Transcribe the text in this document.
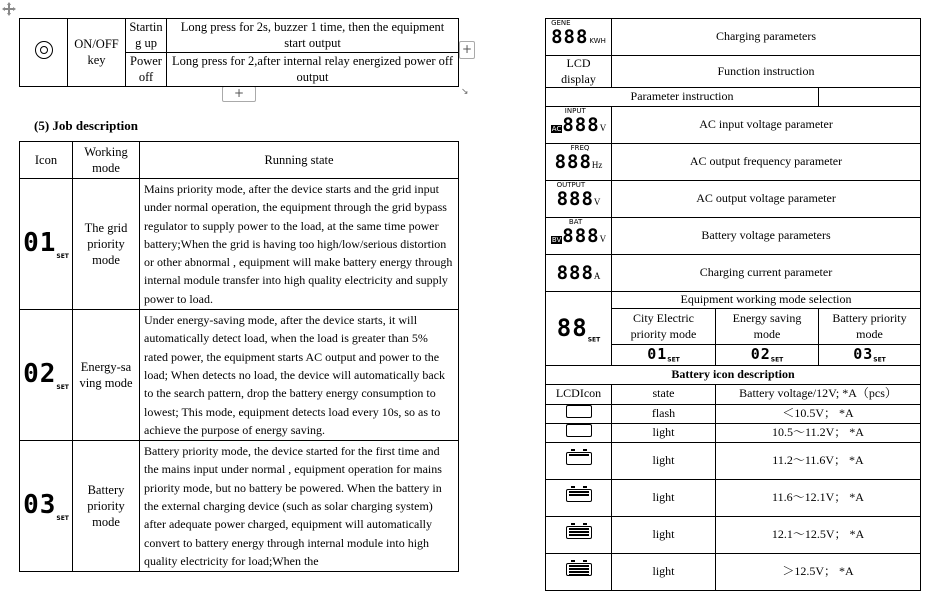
+
+	↘
	ON/OFF key	Startin g up	Long press for 2s, buzzer 1 time, then the equipment start output
		Power off	Long press for 2,after internal relay energized power off output
(5) Job description
Icon	Working mode	Running state
01SET	The grid priority mode	Mains priority mode, after the device starts and the grid input under normal operation, the equipment through the grid bypass regulator to supply power to the load, at the same time power battery;When the grid is having too high/low/serious distortion or other abnormal , equipment will make battery energy through internal module transfer into high quality electricity and supply power to load.
02SET	Energy-sa ving mode	Under energy-saving mode, after the device starts, it will automatically detect load, when the load is greater than 5% rated power, the equipment starts AC output and power to the load; When detects no load, the device will automatically back to the search pattern, drop the battery energy consumption to lowest; This mode, equipment detects load every 10s, so as to achieve the purpose of energy saving.
03SET	Battery priority mode	Battery priority mode, the device started for the first time and the mains input under normal , equipment operation for mains priority mode, but no battery be powered. When the battery in the external charging device (such as solar charging system) after adequate power charged, equipment will automatically convert to battery energy through internal module into high quality electricity for load;When the
GENE
888KWH	Charging parameters		
LCD display	Function instruction		
Parameter instruction			

INPUT
AC888V	AC input voltage parameter		

FREQ
888Hz	AC output frequency parameter		

OUTPUT
888V	AC output voltage parameter		

BAT
BV888V	Battery voltage parameters		
888A	Charging current parameter		
88SET	Equipment working mode selection		
	City Electric priority mode	Energy saving mode	Battery priority mode
	01SET	02SET	03SET
Battery icon description			
LCDIcon	state	Battery voltage/12V; *A（pcs）	
	flash	＜10.5V； *A	
	light	10.5～11.2V； *A	

	light	11.2～11.6V； *A	

	light	11.6～12.1V； *A	

	light	12.1～12.5V； *A	

	light	＞12.5V； *A	
